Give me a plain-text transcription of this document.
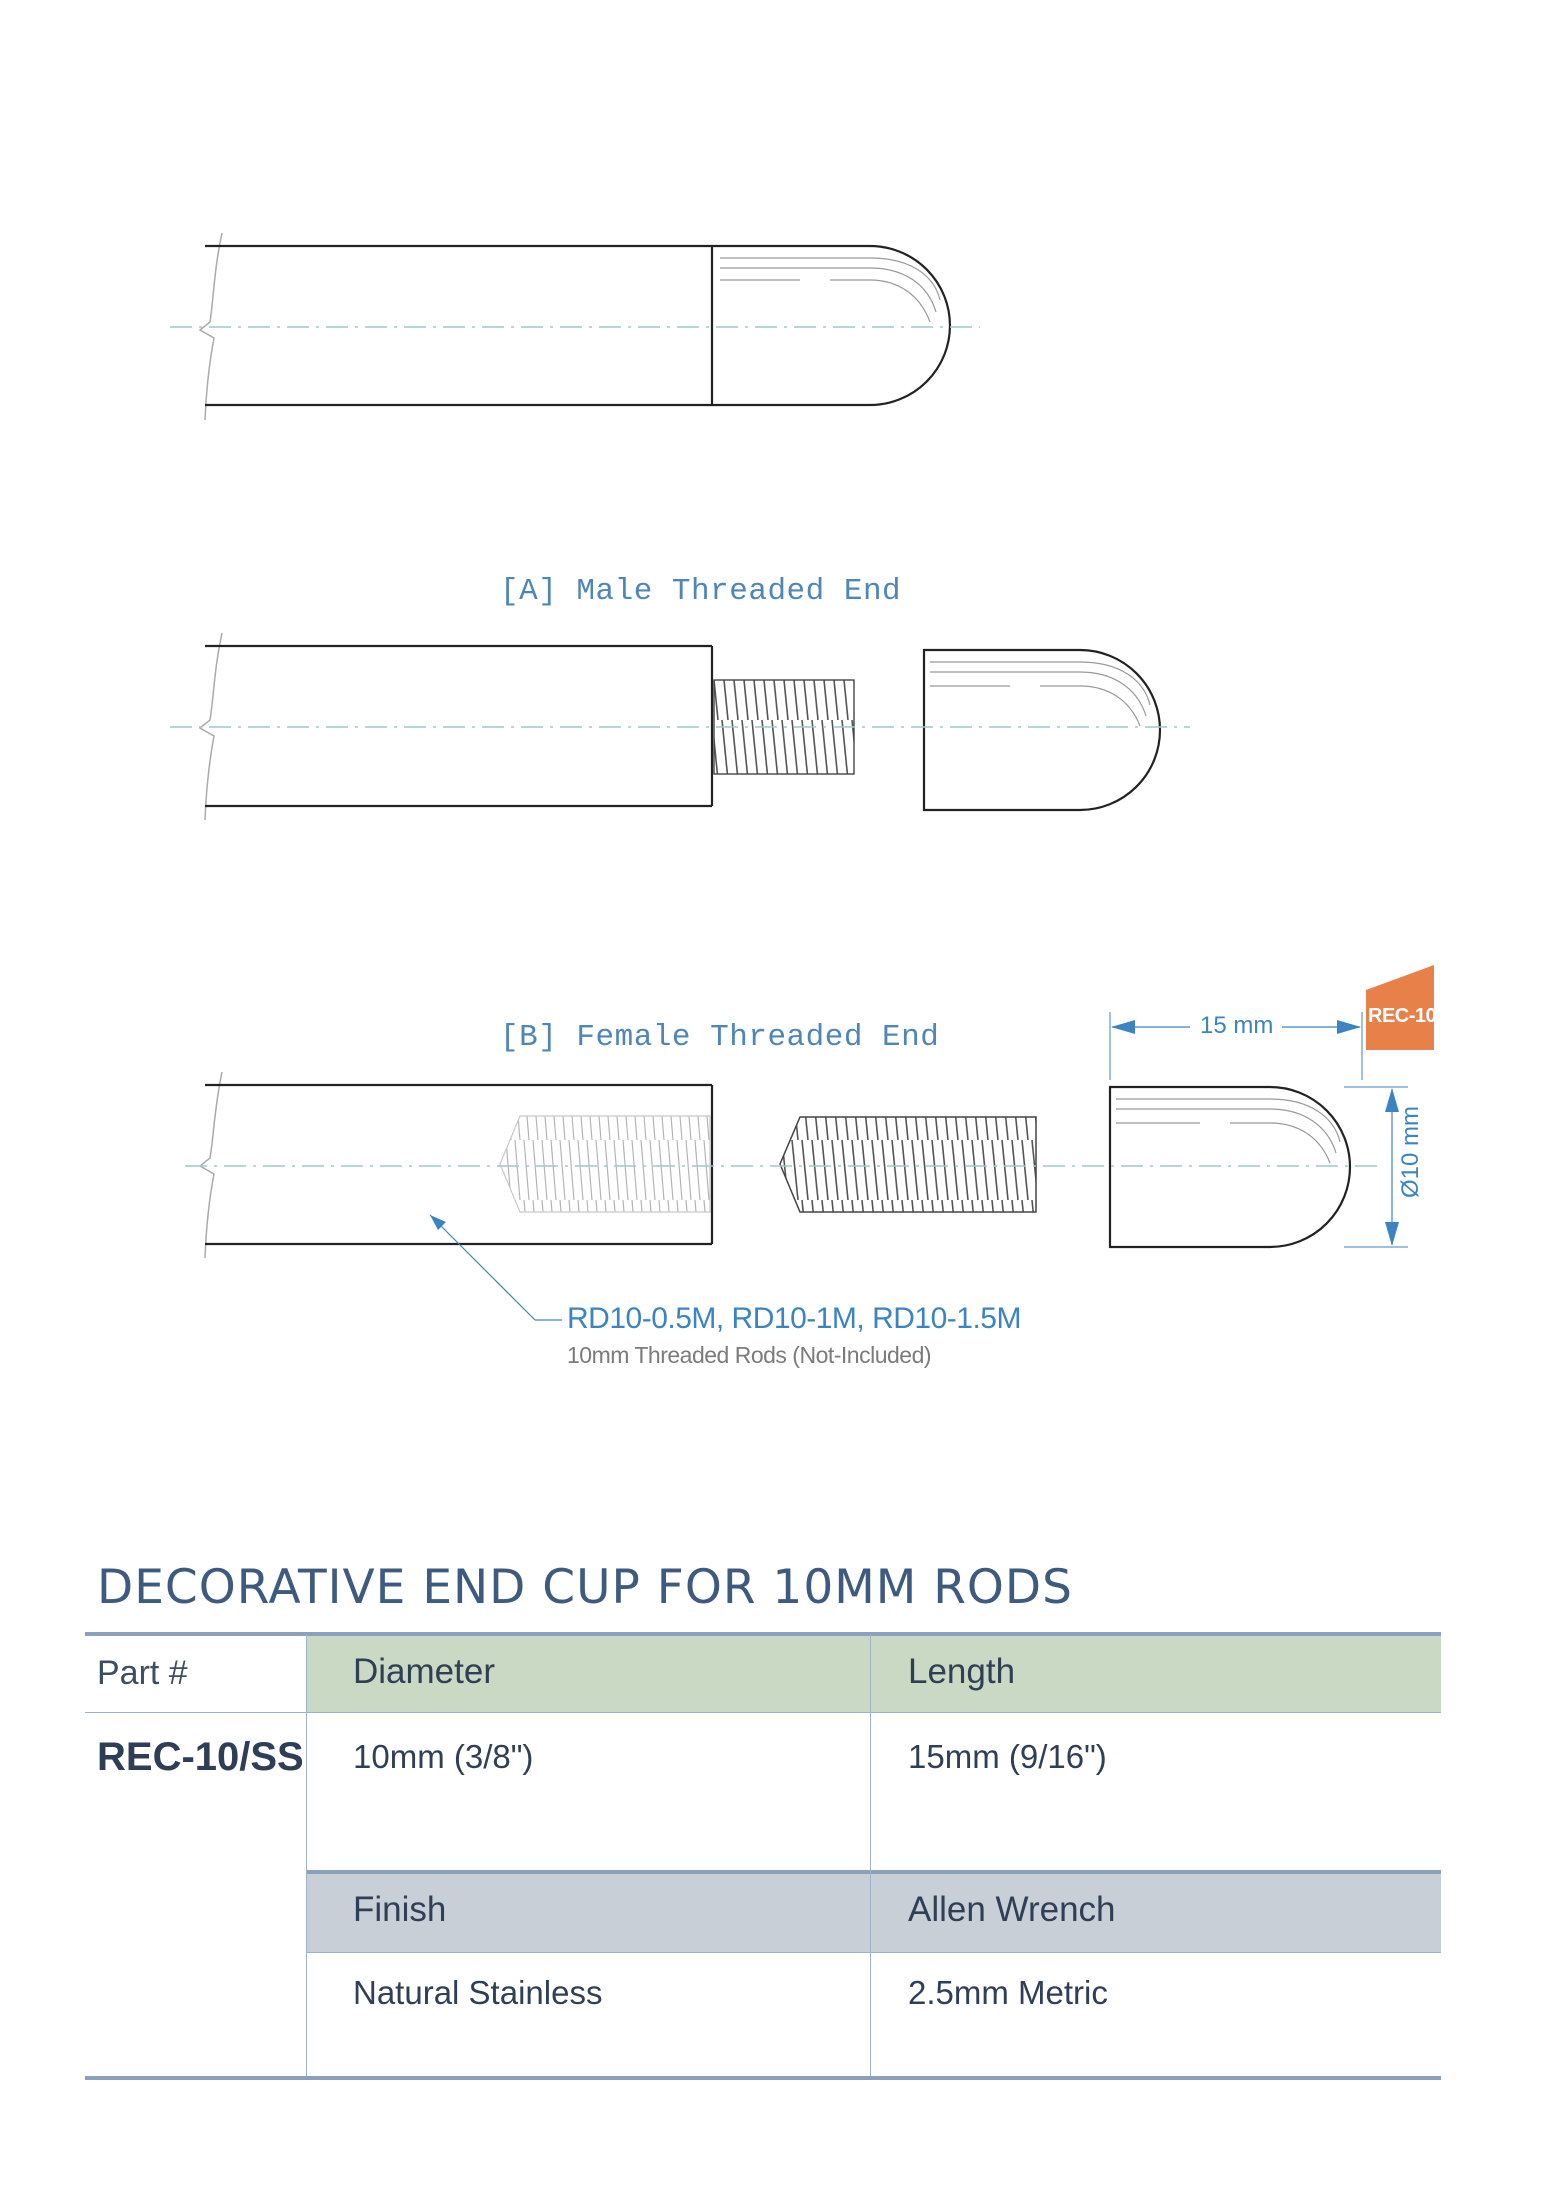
[A] Male Threaded End
[B] Female Threaded End
RD10-0.5M, RD10-1M, RD10-1.5M
10mm Threaded Rods (Not-Included)
15 mm
Ø10 mm
REC-10
DECORATIVE END CUP FOR 10MM RODS
Part #
REC-10/SS
Diameter	Length
10mm (3/8")	15mm (9/16")
Finish	Allen Wrench
Natural Stainless	2.5mm Metric
